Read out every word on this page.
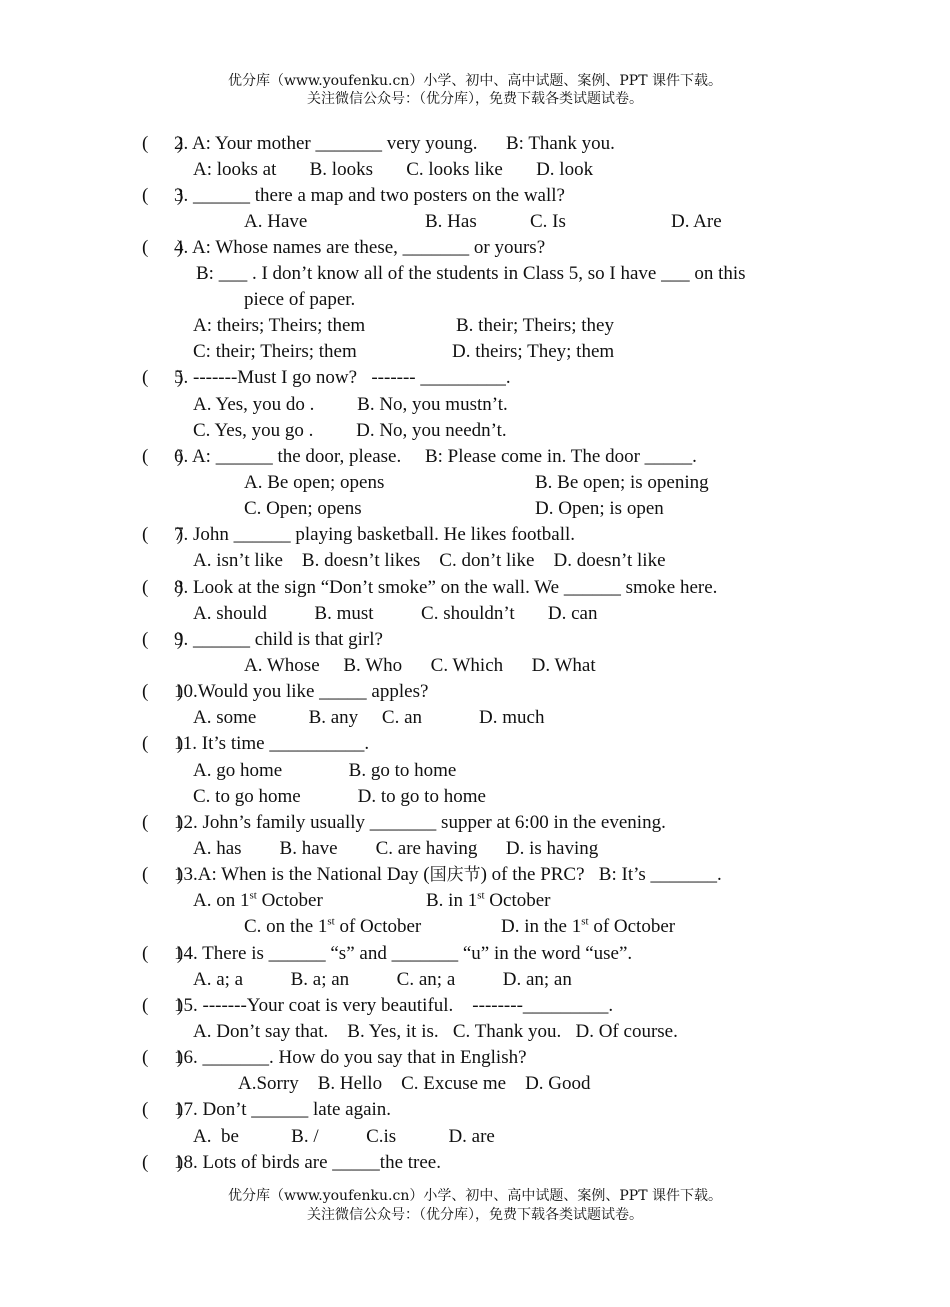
优分库（www.youfenku.cn）小学、初中、高中试题、案例、PPT 课件下载。
关注微信公众号：（优分库），免费下载各类试题试卷。
(      )
2. A: Your mother _______ very young.      B: Thank you.
A: looks at       B. looks       C. looks like       D. look
(      )
3. ______ there a map and two posters on the wall?
A. Have	B. Has	C. Is	D. Are
(      )
4. A: Whose names are these, _______ or yours?
B: ___ . I don’t know all of the students in Class 5, so I have ___ on this
piece of paper.
A: theirs; Theirs; them	B. their; Theirs; they
C: their; Theirs; them	D. theirs; They; them
(      )
5. -------Must I go now?   ------- _________.
A. Yes, you do .         B. No, you mustn’t.
C. Yes, you go .         D. No, you needn’t.
(      )
6. A: ______ the door, please.     B: Please come in. The door _____.
A. Be open; opens	B. Be open; is opening
C. Open; opens	D. Open; is open
(      )
7. John ______ playing basketball. He likes football.
A. isn’t like    B. doesn’t likes    C. don’t like    D. doesn’t like
(      )
8. Look at the sign “Don’t smoke” on the wall. We ______ smoke here.
A. should          B. must          C. shouldn’t       D. can
(      )
9. ______ child is that girl?
A. Whose     B. Who      C. Which      D. What
(      )
10.Would you like _____ apples?
A. some           B. any     C. an            D. much
(      )
11. It’s time __________.
A. go home              B. go to home
C. to go home            D. to go to home
(      )
12. John’s family usually _______ supper at 6:00 in the evening.
A. has        B. have        C. are having      D. is having
(      )
13.A: When is the National Day (国庆节) of the PRC?   B: It’s _______.
A. on 1st October	B. in 1st October
C. on the 1st of October	D. in the 1st of October
(      )
14. There is ______ “s” and _______ “u” in the word “use”.
A. a; a          B. a; an          C. an; a          D. an; an
(      )
15. -------Your coat is very beautiful.    --------_________.
A. Don’t say that.    B. Yes, it is.   C. Thank you.   D. Of course.
(      )
16. _______. How do you say that in English?
A.Sorry    B. Hello    C. Excuse me    D. Good
(      )
17. Don’t ______ late again.
A.  be           B. /          C.is           D. are
(      )
18. Lots of birds are _____the tree.
优分库（www.youfenku.cn）小学、初中、高中试题、案例、PPT 课件下载。
关注微信公众号：（优分库），免费下载各类试题试卷。
